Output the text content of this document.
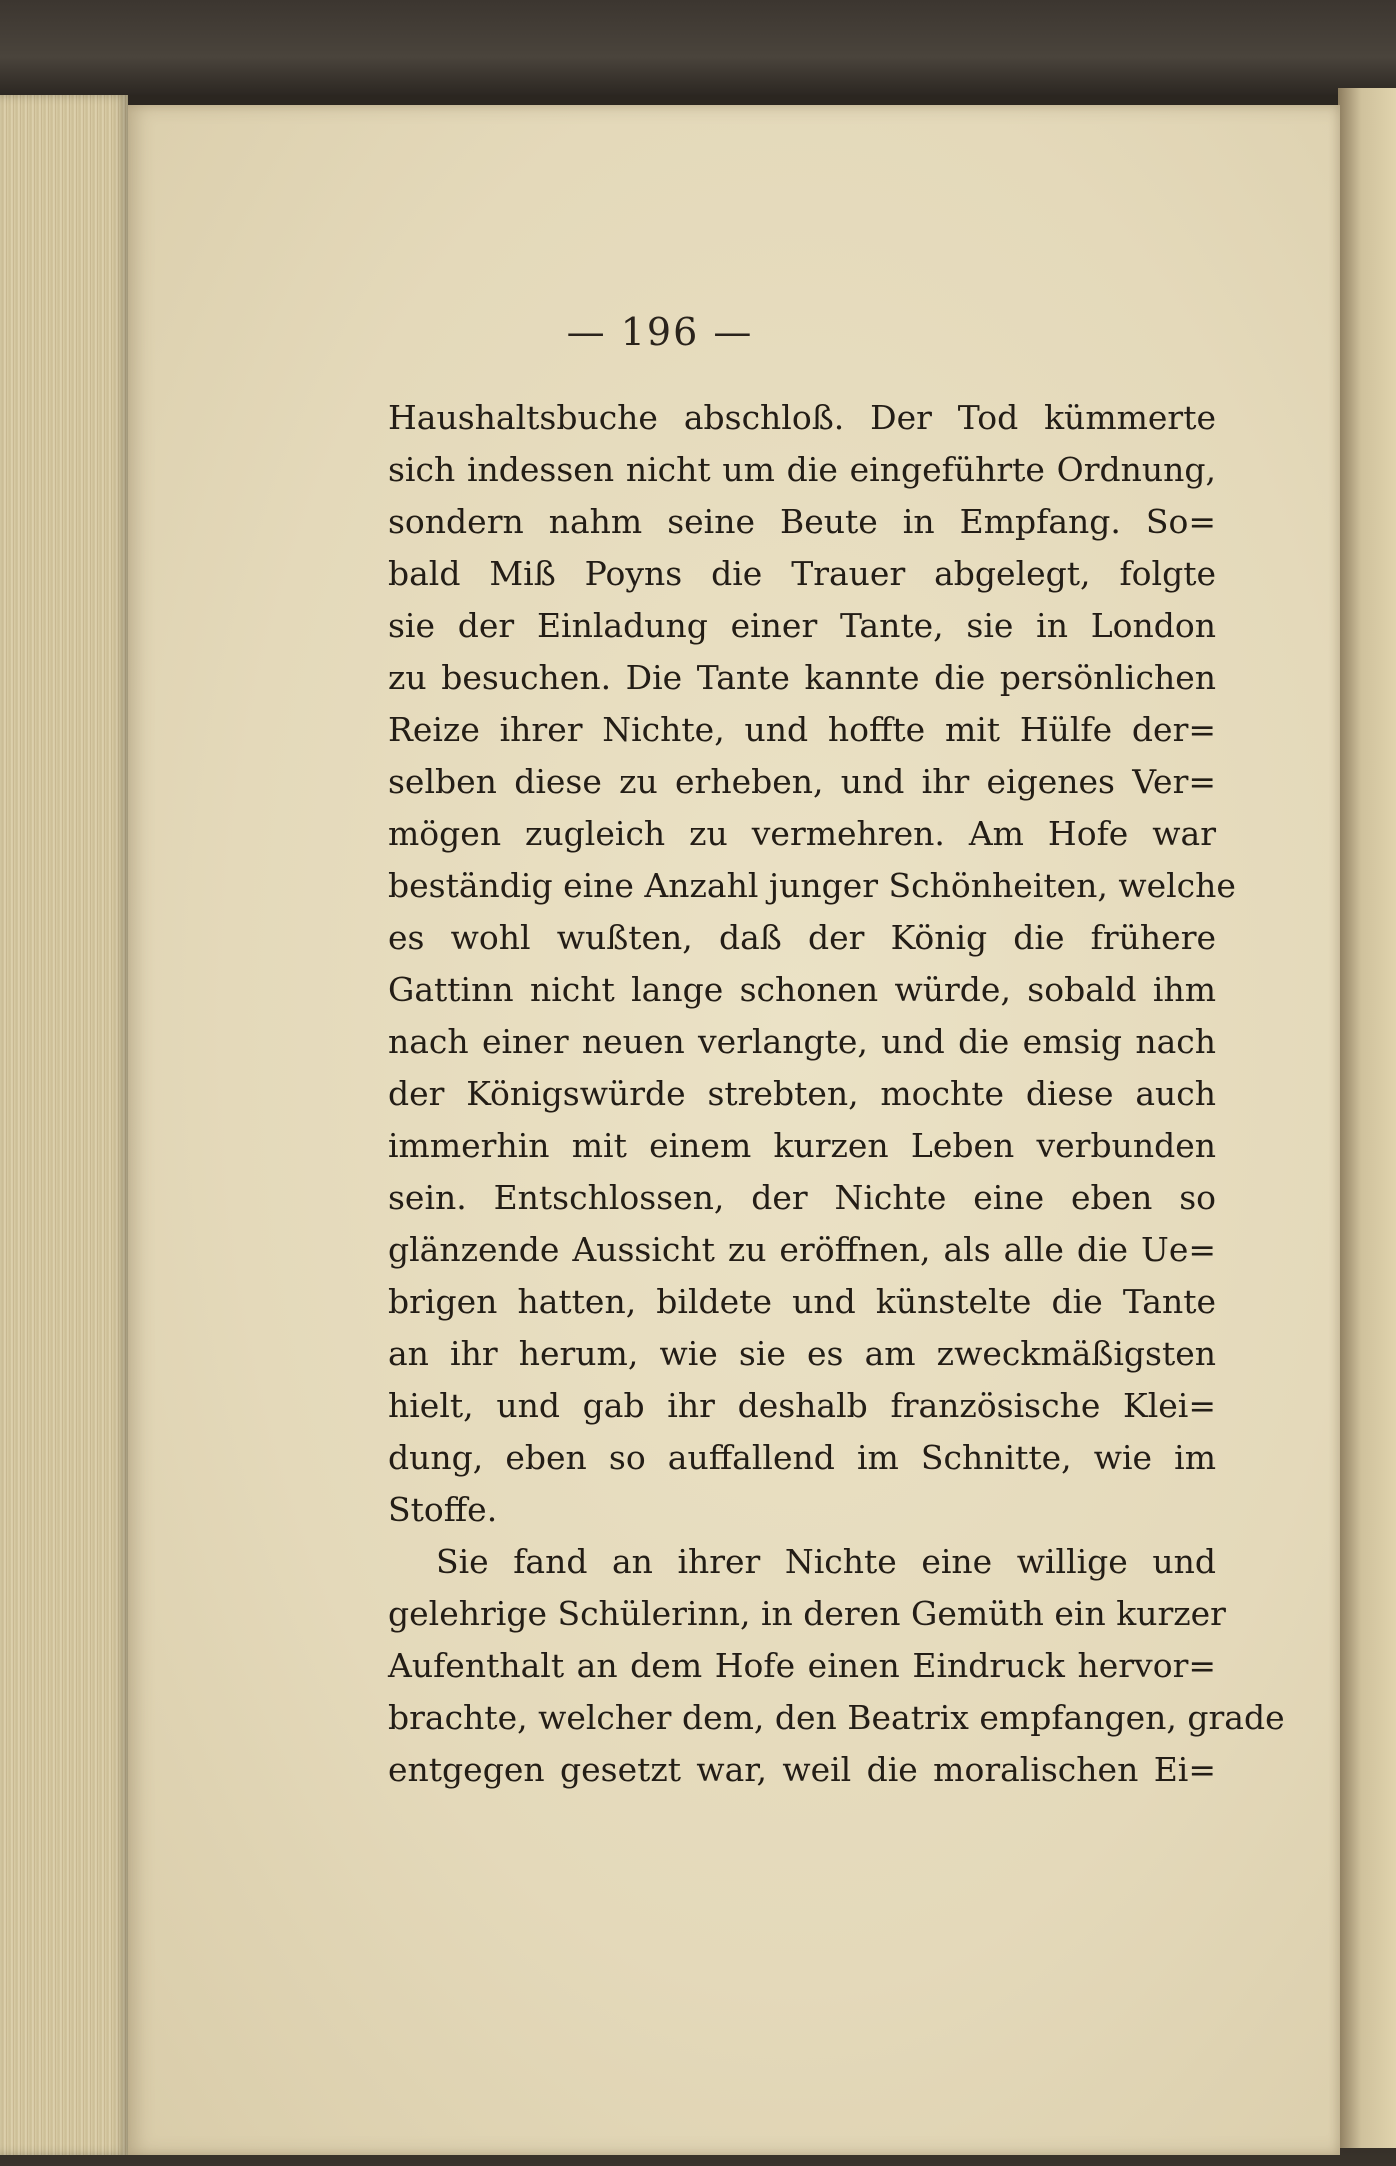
— 196 —
Haushaltsbuche abschloß. Der Tod kümmerte
sich indessen nicht um die eingeführte Ordnung,
sondern nahm seine Beute in Empfang. So=
bald Miß Poyns die Trauer abgelegt, folgte
sie der Einladung einer Tante, sie in London
zu besuchen. Die Tante kannte die persönlichen
Reize ihrer Nichte, und hoffte mit Hülfe der=
selben diese zu erheben, und ihr eigenes Ver=
mögen zugleich zu vermehren. Am Hofe war
beständig eine Anzahl junger Schönheiten, welche
es wohl wußten, daß der König die frühere
Gattinn nicht lange schonen würde, sobald ihm
nach einer neuen verlangte, und die emsig nach
der Königswürde strebten, mochte diese auch
immerhin mit einem kurzen Leben verbunden
sein. Entschlossen, der Nichte eine eben so
glänzende Aussicht zu eröffnen, als alle die Ue=
brigen hatten, bildete und künstelte die Tante
an ihr herum, wie sie es am zweckmäßigsten
hielt, und gab ihr deshalb französische Klei=
dung, eben so auffallend im Schnitte, wie im
Stoffe.
Sie fand an ihrer Nichte eine willige und
gelehrige Schülerinn, in deren Gemüth ein kurzer
Aufenthalt an dem Hofe einen Eindruck hervor=
brachte, welcher dem, den Beatrix empfangen, grade
entgegen gesetzt war, weil die moralischen Ei=
